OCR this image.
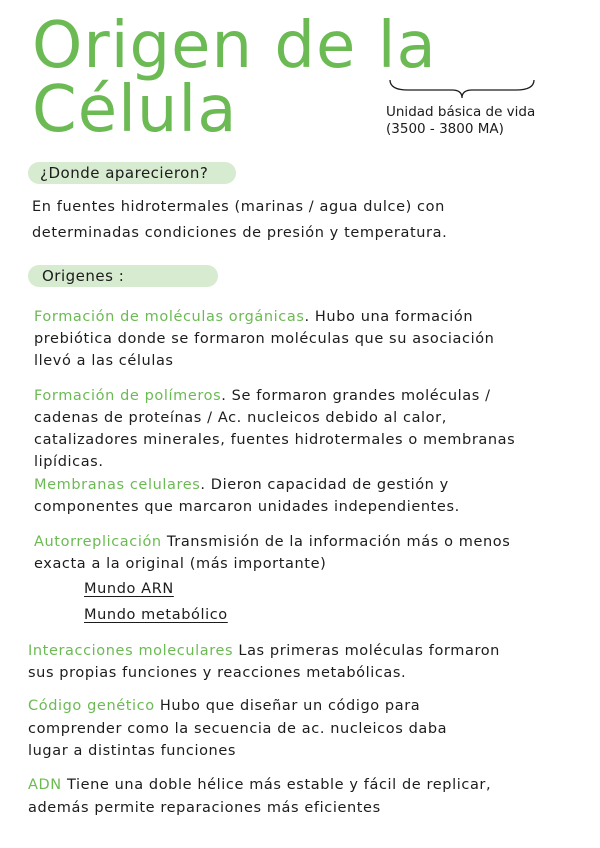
Origen de la Célula	Unidad básica de vida
(3500 - 3800 MA)
¿Donde aparecieron?

En fuentes hidrotermales (marinas / agua dulce) con

determinadas condiciones de presión y temperatura.

Origenes :

Formación de moléculas orgánicas. Hubo una formación

prebiótica donde se formaron moléculas que su asociación

llevó a las células

Formación de polímeros. Se formaron grandes moléculas /

cadenas de proteínas / Ac. nucleicos debido al calor,

catalizadores minerales, fuentes hidrotermales o membranas

lipídicas.

Membranas celulares. Dieron capacidad de gestión y

componentes que marcaron unidades independientes.

Autorreplicación Transmisión de la información más o menos

exacta a la original (más importante)

Mundo ARN

Mundo metabólico

Interacciones moleculares Las primeras moléculas formaron

sus propias funciones y reacciones metabólicas.

Código genético Hubo que diseñar un código para

comprender como la secuencia de ac. nucleicos daba

lugar a distintas funciones

ADN Tiene una doble hélice más estable y fácil de replicar,

además permite reparaciones más eficientes
